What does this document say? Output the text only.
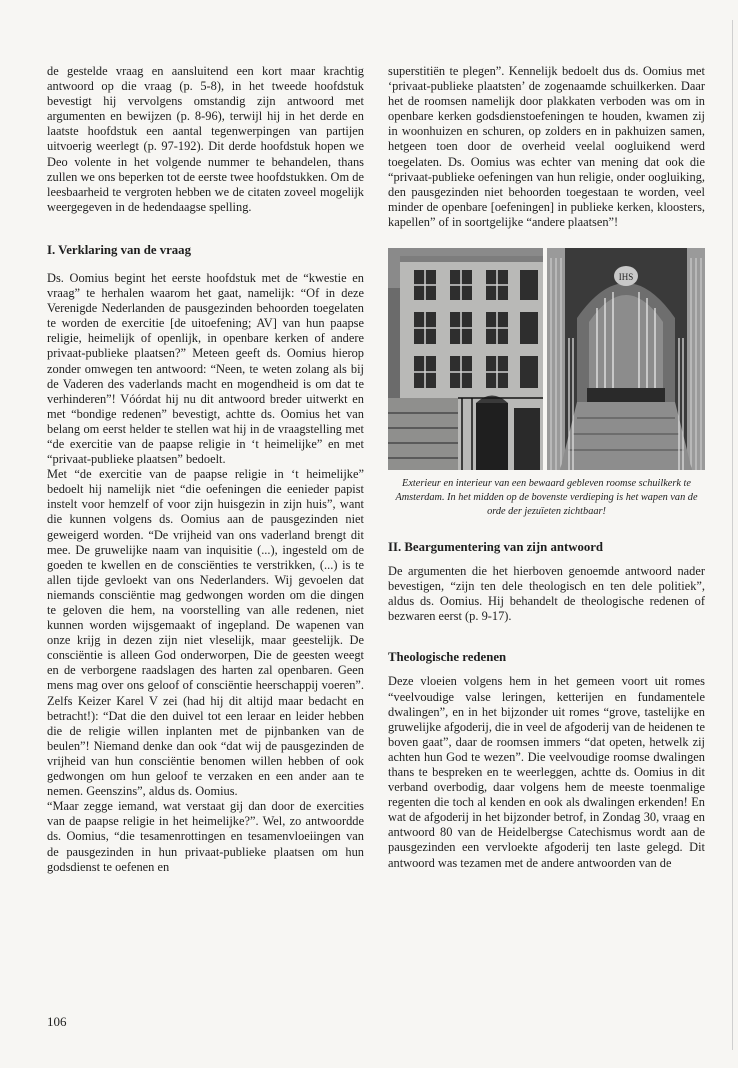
de gestelde vraag en aansluitend een kort maar krachtig antwoord op die vraag (p. 5-8), in het tweede hoofdstuk bevestigt hij vervolgens omstandig zijn antwoord met argumenten en bewijzen (p. 8-96), terwijl hij in het derde en laatste hoofdstuk een aantal tegenwerpingen van partijen uitvoerig weerlegt (p. 97-192). Dit derde hoofdstuk hopen we Deo volente in het volgende nummer te behandelen, thans zullen we ons beperken tot de eerste twee hoofdstukken. Om de leesbaarheid te vergroten hebben we de citaten zoveel mogelijk weergegeven in de hedendaagse spelling.

I. Verklaring van de vraag

Ds. Oomius begint het eerste hoofdstuk met de “kwestie en vraag” te herhalen waarom het gaat, namelijk: “Of in deze Verenigde Nederlanden de pausgezinden behoorden toegelaten te worden de exercitie [de uitoefening; AV] van hun paapse religie, heimelijk of openlijk, in openbare kerken of andere privaat-publieke plaatsen?” Meteen geeft ds. Oomius hierop zonder omwegen ten antwoord: “Neen, te weten zolang als bij de Vaderen des vaderlands macht en mogendheid is om dat te verhinderen”! Vóórdat hij nu dit antwoord breder uitwerkt en met “bondige redenen” bevestigt, achtte ds. Oomius het van belang om eerst helder te stellen wat hij in de vraagstelling met “de exercitie van de paapse religie in ‘t heimelijke” en met “privaat-publieke plaatsen” bedoelt.

Met “de exercitie van de paapse religie in ‘t heimelijke” bedoelt hij namelijk niet “die oefeningen die eenieder papist instelt voor hemzelf of voor zijn huisgezin in zijn huis”, want die kunnen volgens ds. Oomius aan de pausgezinden niet geweigerd worden. “De vrijheid van ons vaderland brengt dit mee. De gruwelijke naam van inquisitie (...), ingesteld om de goeden te kwellen en de consciënties te verstrikken, (...) is te allen tijde gevloekt van ons Nederlanders. Wij gevoelen dat niemands consciëntie mag gedwongen worden om die dingen te geloven die hem, na voorstelling van alle redenen, niet kunnen worden wijsgemaakt of ingepland. De wapenen van onze krijg in dezen zijn niet vleselijk, maar geestelijk. De consciëntie is alleen God onderworpen, Die de geesten weegt en de verborgene raadslagen des harten zal openbaren. Geen mens mag over ons geloof of consciëntie heerschappij voeren”. Zelfs Keizer Karel V zei (had hij dit altijd maar bedacht en betracht!): “Dat die den duivel tot een leraar en leider hebben die de religie willen inplanten met de pijnbanken van de beulen”! Niemand denke dan ook “dat wij de pausgezinden de vrijheid van hun consciëntie benomen willen hebben of ook gedwongen om hun geloof te verzaken en een ander aan te nemen. Geenszins”, aldus ds. Oomius.

“Maar zegge iemand, wat verstaat gij dan door de exercities van de paapse religie in het heimelijke?”. Wel, zo antwoordde ds. Oomius, “die tesamenrottingen en tesamenvloeiingen van de pausgezinden in hun privaat-publieke plaatsen om hun godsdienst te oefenen en

superstitiën te plegen”. Kennelijk bedoelt dus ds. Oomius met ‘privaat-publieke plaatsten’ de zogenaamde schuilkerken. Daar het de roomsen namelijk door plakkaten verboden was om in openbare kerken godsdienstoefeningen te houden, kwamen zij in woonhuizen en schuren, op zolders en in pakhuizen samen, hetgeen toen door de overheid veelal oogluikend werd toegelaten. Ds. Oomius was echter van mening dat ook die “privaat-publieke oefeningen van hun religie, onder oogluiking, den pausgezinden niet behoorden toegestaan te worden, veel minder de openbare [oefeningen] in publieke kerken, kloosters, kapellen” of in soortgelijke “andere plaatsen”!

IHS

Exterieur en interieur van een bewaard gebleven roomse schuilkerk te Amsterdam. In het midden op de bovenste verdieping is het wapen van de orde der jezuïeten zichtbaar!

II. Beargumentering van zijn antwoord

De argumenten die het hierboven genoemde antwoord nader bevestigen, “zijn ten dele theologisch en ten dele politiek”, aldus ds. Oomius. Hij behandelt de theologische redenen of bezwaren eerst (p. 9-17).

Theologische redenen

Deze vloeien volgens hem in het gemeen voort uit romes “veelvoudige valse leringen, ketterijen en fundamentele dwalingen”, en in het bijzonder uit romes “grove, tastelijke en gruwelijke afgoderij, die in veel de afgoderij van de heidenen te boven gaat”, daar de roomsen immers “dat opeten, hetwelk zij achten hun God te wezen”. Die veelvoudige roomse dwalingen thans te bespreken en te weerleggen, achtte ds. Oomius in dit verband overbodig, daar volgens hem de meeste toenmalige regenten die toch al kenden en ook als dwalingen erkenden! En wat de afgoderij in het bijzonder betrof, in Zondag 30, vraag en antwoord 80 van de Heidelbergse Catechismus wordt aan de pausgezinden een vervloekte afgoderij ten laste gelegd. Dit antwoord was tezamen met de andere antwoorden van de

106
